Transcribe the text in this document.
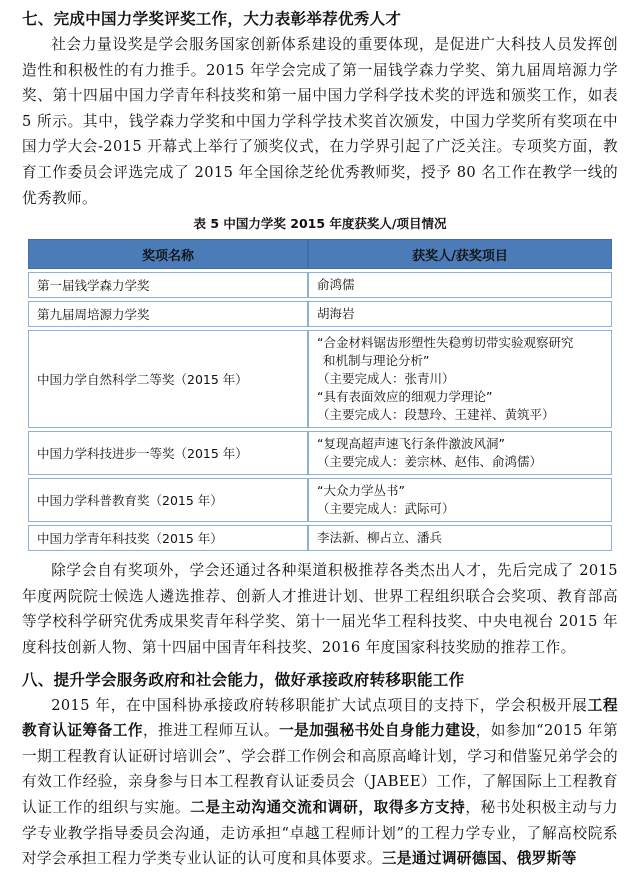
七、完成中国力学奖评奖工作，大力表彰举荐优秀人才

社会力量设奖是学会服务国家创新体系建设的重要体现，是促进广大科技人员发挥创造性和积极性的有力推手。2015 年学会完成了第一届钱学森力学奖、第九届周培源力学奖、第十四届中国力学青年科技奖和第一届中国力学科学技术奖的评选和颁奖工作，如表 5 所示。其中，钱学森力学奖和中国力学科学技术奖首次颁发，中国力学奖所有奖项在中国力学大会-2015 开幕式上举行了颁奖仪式，在力学界引起了广泛关注。专项奖方面，教育工作委员会评选完成了 2015 年全国徐芝纶优秀教师奖，授予 80 名工作在教学一线的优秀教师。

表 5 中国力学奖 2015 年度获奖人/项目情况
奖项名称	获奖人/获奖项目
第一届钱学森力学奖	俞鸿儒

第九届周培源力学奖	胡海岩

中国力学自然科学二等奖（2015 年）	“合金材料锯齿形塑性失稳剪切带实验观察研究
和机制与理论分析”
（主要完成人：张青川）
“具有表面效应的细观力学理论”
（主要完成人：段慧玲、王建祥、黄筑平）

中国力学科技进步一等奖（2015 年）	“复现高超声速飞行条件激波风洞”
（主要完成人：姜宗林、赵伟、俞鸿儒）

中国力学科普教育奖（2015 年）	“大众力学丛书”
（主要完成人：武际可）

中国力学青年科技奖（2015 年）	李法新、柳占立、潘兵

除学会自有奖项外，学会还通过各种渠道积极推荐各类杰出人才，先后完成了 2015 年度两院院士候选人遴选推荐、创新人才推进计划、世界工程组织联合会奖项、教育部高等学校科学研究优秀成果奖青年科学奖、第十一届光华工程科技奖、中央电视台 2015 年度科技创新人物、第十四届中国青年科技奖、2016 年度国家科技奖励的推荐工作。

八、提升学会服务政府和社会能力，做好承接政府转移职能工作

2015 年，在中国科协承接政府转移职能扩大试点项目的支持下，学会积极开展工程教育认证筹备工作，推进工程师互认。一是加强秘书处自身能力建设，如参加“2015 年第一期工程教育认证研讨培训会”、学会群工作例会和高原高峰计划，学习和借鉴兄弟学会的有效工作经验，亲身参与日本工程教育认证委员会（JABEE）工作，了解国际上工程教育认证工作的组织与实施。二是主动沟通交流和调研，取得多方支持，秘书处积极主动与力学专业教学指导委员会沟通，走访承担“卓越工程师计划”的工程力学专业，了解高校院系对学会承担工程力学类专业认证的认可度和具体要求。三是通过调研德国、俄罗斯等
